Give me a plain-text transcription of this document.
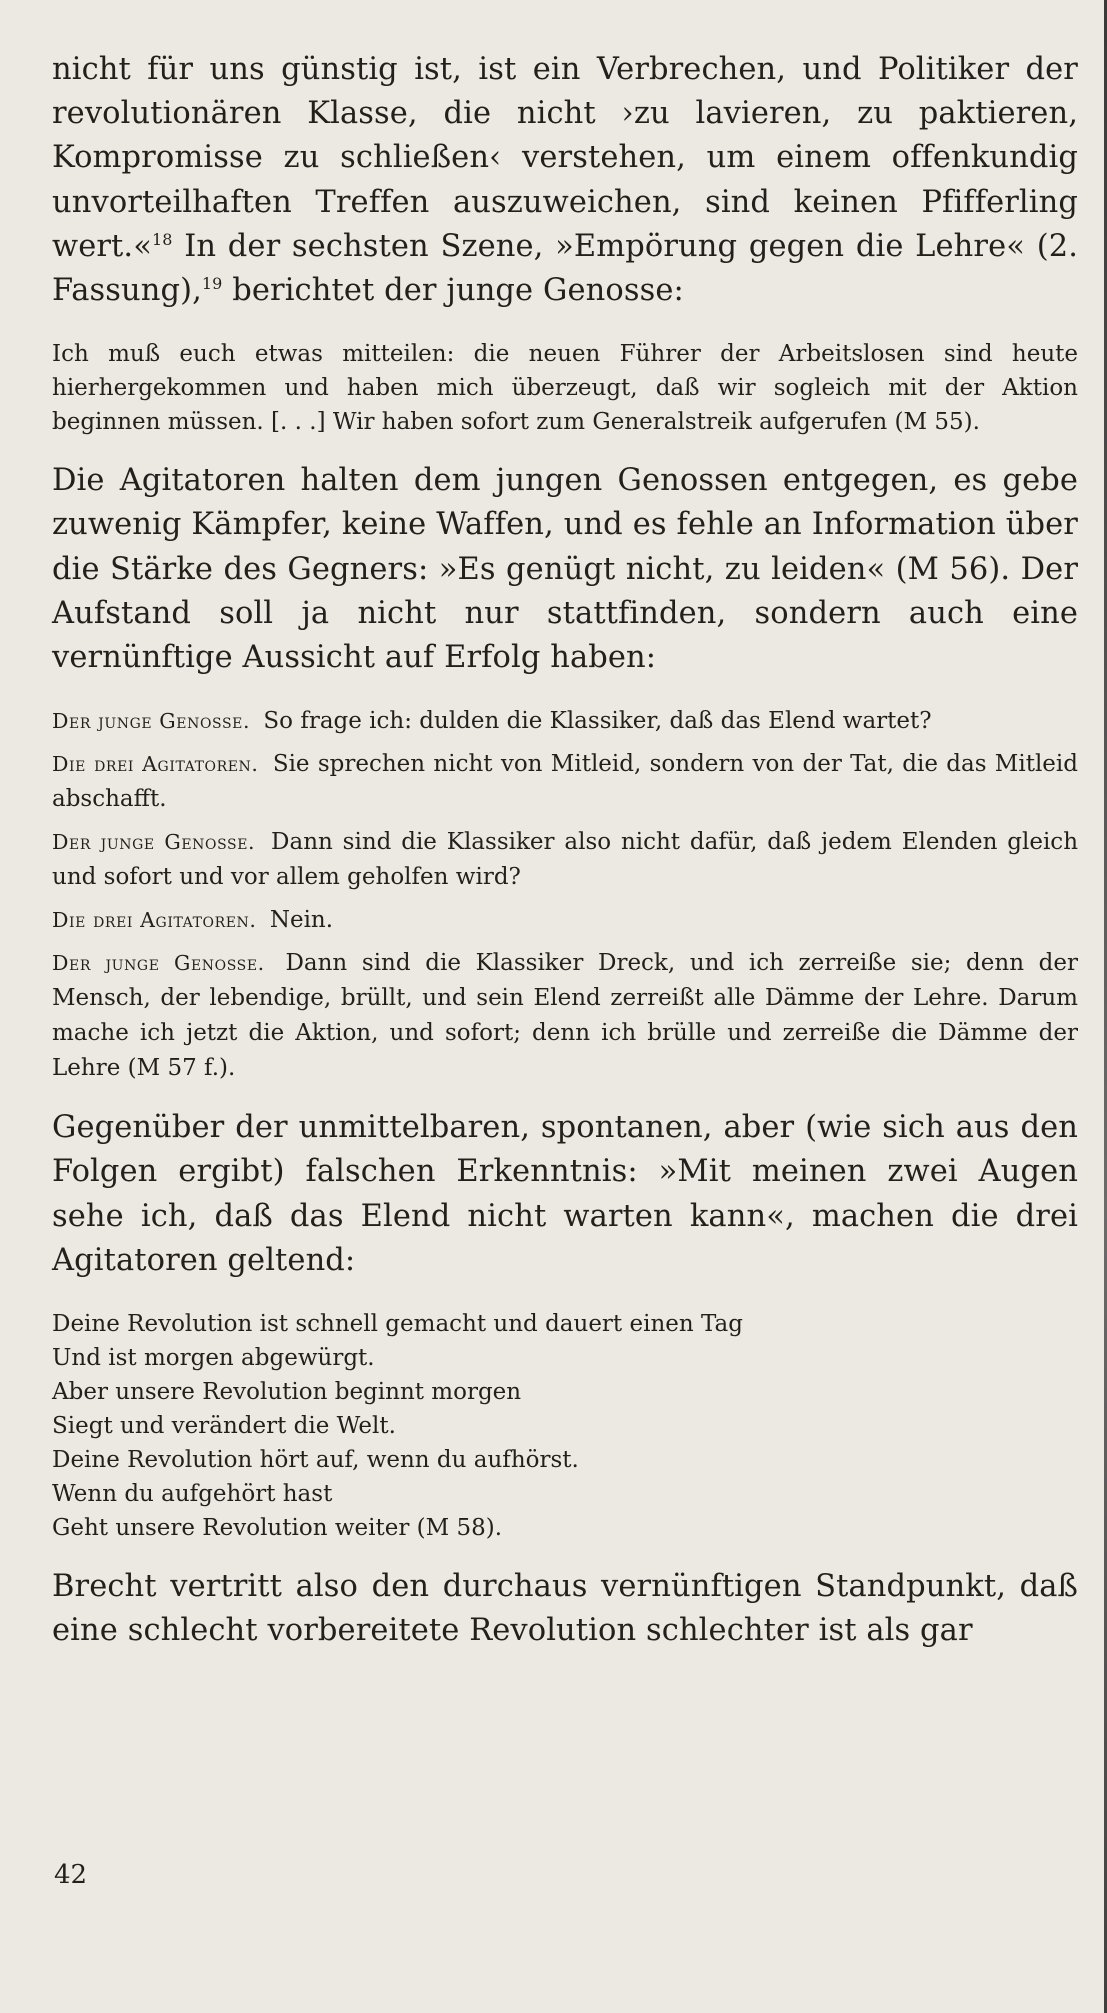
nicht für uns günstig ist, ist ein Verbrechen, und Politiker der revolutionären Klasse, die nicht ›zu lavieren, zu paktieren, Kompromisse zu schließen‹ verstehen, um einem offenkundig unvorteilhaften Treffen auszuweichen, sind keinen Pfifferling wert.«$^{18}$ In der sechsten Szene, »Empörung gegen die Lehre« (2. Fassung),$^{19}$ berichtet der junge Genosse:

Ich muß euch etwas mitteilen: die neuen Führer der Arbeitslosen sind heute hierhergekommen und haben mich überzeugt, daß wir sogleich mit der Aktion beginnen müssen. [. . .] Wir haben sofort zum Generalstreik aufgerufen (M 55).

Die Agitatoren halten dem jungen Genossen entgegen, es gebe zuwenig Kämpfer, keine Waffen, und es fehle an Information über die Stärke des Gegners: »Es genügt nicht, zu leiden« (M 56). Der Aufstand soll ja nicht nur stattfinden, sondern auch eine vernünftige Aussicht auf Erfolg haben:

Der junge Genosse. So frage ich: dulden die Klassiker, daß das Elend wartet?

Die drei Agitatoren. Sie sprechen nicht von Mitleid, sondern von der Tat, die das Mitleid abschafft.

Der junge Genosse. Dann sind die Klassiker also nicht dafür, daß jedem Elenden gleich und sofort und vor allem geholfen wird?

Die drei Agitatoren. Nein.

Der junge Genosse. Dann sind die Klassiker Dreck, und ich zerreiße sie; denn der Mensch, der lebendige, brüllt, und sein Elend zerreißt alle Dämme der Lehre. Darum mache ich jetzt die Aktion, und sofort; denn ich brülle und zerreiße die Dämme der Lehre (M 57 f.).

Gegenüber der unmittelbaren, spontanen, aber (wie sich aus den Folgen ergibt) falschen Erkenntnis: »Mit meinen zwei Augen sehe ich, daß das Elend nicht warten kann«, machen die drei Agitatoren geltend:

Deine Revolution ist schnell gemacht und dauert einen Tag

Und ist morgen abgewürgt.

Aber unsere Revolution beginnt morgen

Siegt und verändert die Welt.

Deine Revolution hört auf, wenn du aufhörst.

Wenn du aufgehört hast

Geht unsere Revolution weiter (M 58).

Brecht vertritt also den durchaus vernünftigen Standpunkt, daß eine schlecht vorbereitete Revolution schlechter ist als gar

42
